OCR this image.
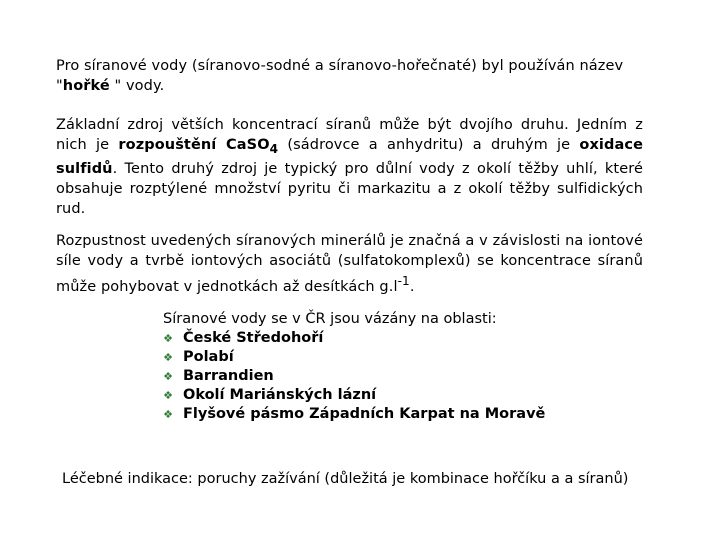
Pro síranové vody (síranovo-sodné a síranovo-hořečnaté) byl používán název "hořké " vody.

Základní zdroj větších koncentrací síranů může být dvojího druhu. Jedním z nich je rozpouštění CaSO$_4$ (sádrovce a anhydritu) a druhým je oxidace sulfidů. Tento druhý zdroj je typický pro důlní vody z okolí těžby uhlí, které obsahuje rozptýlené množství pyritu či markazitu a z okolí těžby sulfidických rud.

Rozpustnost uvedených síranových minerálů je značná a v závislosti na iontové síle vody a tvrbě iontových asociátů (sulfatokomplexů) se koncentrace síranů může pohybovat v jednotkách až desítkách $g.l^{-1}$.

Síranové vody se v ČR jsou vázány na oblasti:
❖ České Středohoří
❖ Polabí
❖ Barrandien
❖ Okolí Mariánských lázní
❖ Flyšové pásmo Západních Karpat na Moravě
Léčebné indikace: poruchy zažívání (důležitá je kombinace hořčíku a a síranů)
